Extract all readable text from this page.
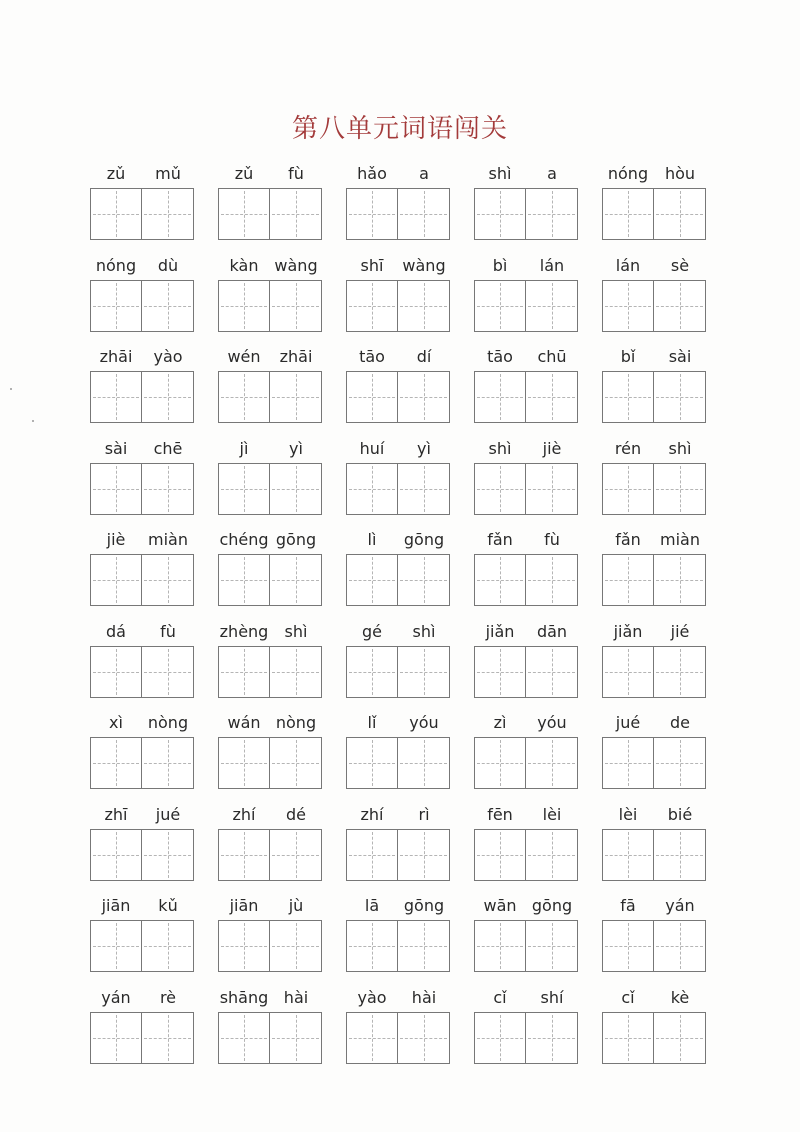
第八单元词语闯关
zǔ	mǔ	zǔ	fù	hǎo	a	shì	a	nóng	hòu
nóng	dù	kàn wàng	shī	wàng	bì	lán	lán	sè
zhāi	yào	wén	zhāi	tāo	dí	tāo	chū	bǐ	sài
sài	chē	jì	yì	huí	yì	shì	jiè	rén	shì
jiè	miàn	chéng gōng	lì	gōng	fǎn	fù	fǎn	miàn
dá	fù	zhèng	shì	gé	shì	jiǎn	dān	jiǎn	jié
xì	nòng	wán nòng	lǐ	yóu	zì	yóu	jué	de
zhī	jué	zhí	dé	zhí	rì	fēn	lèi	lèi	bié
jiān	kǔ	jiān	jù	lā	gōng	wān gōng	fā	yán
yán	rè	shāng hài	yào	hài	cǐ	shí	cǐ	kè
